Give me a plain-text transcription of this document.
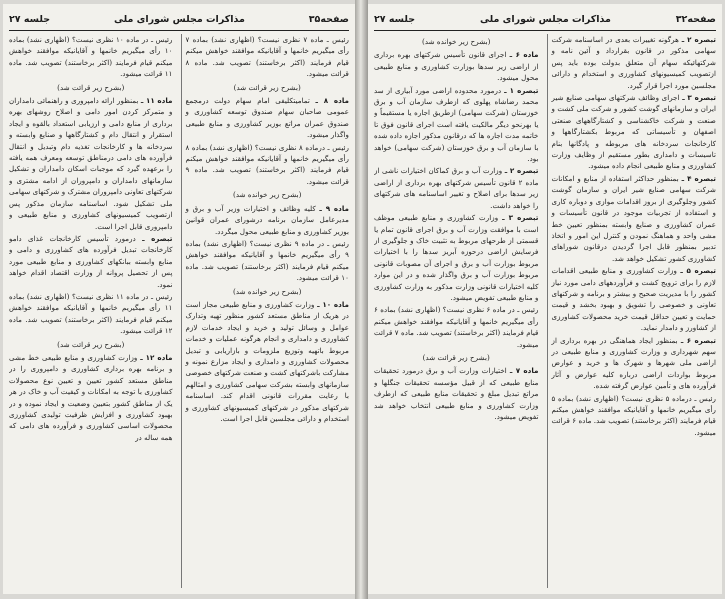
صفحه۳۵
مذاکرات مجلس شورای ملی
جلسه ۲۷

رئیس ـ ماده ۷ نظری نیست؟ (اظهاری نشد) بماده ۷ رأی میگیریم خانمها و آقایانیکه موافقند خواهش میکنم قیام فرمایند (اکثر برخاستند) تصویب شد. ماده ۸ قرائت میشود.

(بشرح زیر قرائت شد)

ماده ۸ ـ تمامیتکلیفی امام سهام دولت درمجمع عمومی صاحبان سهام صندوق توسعه کشاورزی و صندوق عمران مراتع بوزیر کشاورزی و منابع طبیعی واگذار میشود.

رئیس ـ درماده ۸ نظری نیست؟ (اظهاری نشد) بماده ۸ رأی میگیریم خانمها و آقایانیکه موافقند خواهش میکنم قیام فرمایند (اکثر برخاستند) تصویب شد. ماده ۹ قرائت میشود.

(بشرح زیر خوانده شد)

ماده ۹ ـ کلیه وظائف و اختیارات وزیر آب و برق و مدیرعامل سازمان برنامه درشورای عمران قوانین بوزیر کشاورزی و منابع طبیعی محول میگردد.

رئیس ـ در ماده ۹ نظری نیست؟ (اظهاری نشد) بماده ۹ رأی میگیریم خانمها و آقایانیکه موافقند خواهش میکنم قیام فرمایند (اکثر برخاستند) تصویب شد. ماده ۱۰ قرائت میشود.

(بشرح زیر خوانده شد)

ماده ۱۰ ـ وزارت کشاورزی و منابع طبیعی مجاز است در هریک از مناطق مستعد کشور منظور تهیه وتدارک عوامل و وسائل تولید و خرید و ایجاد خدمات لازم کشاورزی و دامداری و انجام هرگونه عملیات و خدمات مربوط باتهیه وتوزیع ملزومات و بازاریابی و تبدیل محصولات کشاورزی و دامداری و ایجاد مزارع نمونه و مشارکت باشرکتهای کشت و صنعت شرکتهای خصوصی سازمانهای وابسته بشرکت سهامی کشاورزی و امثالهم با رعایت مقررات قانونی اقدام کند. اساسنامه شرکتهای مذکور در شرکتهای کمیسیونهای کشاورزی و استخدام و دارائی مجلسین قابل اجرا است.

رئیس ـ در ماده ۱۰ نظری نیست؟ (اظهاری نشد) بماده ۱۰ رأی میگیریم خانمها و آقایانیکه موافقند خواهش میکنم قیام فرمایند (اکثر برخاستند) تصویب شد. ماده ۱۱ قرائت میشود.

(بشرح زیر قرائت شد)

ماده ۱۱ ـ بمنظور ارائه دامپروری و راهنمائی دامداران و متمرکز کردن امور دامی و اصلاح روشهای بهره برداری از منابع دامی و ارزیابی استعداد بالقوه و ایجاد استقرار و انتقال دام و کشتارگاهها و صنایع وابسته و سردخانه ها و کارخانجات تغذیه دام وتبدیل و انتقال فرآورده های دامی درمناطق توسعه ومعرف همه یافته را برعهده گیرد که موجبات اسکان دامداران و تشکیل سازمانهای دامداران و دامپروران از ادامه مشتری و شرکتهای تعاونی دامپروران مشترک و شرکتهای سهامی ملی تشکیل شود. اساسنامه سازمان مذکور پس ازتصویب کمیسیونهای کشاورزی و منابع طبیعی و دامپروری قابل اجرا است.

تبصره ـ درمورد تأسیس کارخانجات غذای دامو کارخانجات تبدیل فرآورده های کشاورزی و دامی و منابع وابسته ببانکهای کشاورزی و منابع طبیعی مورد پس از تحصیل پروانه از وزارت اقتصاد اقدام خواهد نمود.

رئیس ـ در ماده ۱۱ نظری نیست؟ (اظهاری نشد) بماده ۱۱ رأی میگیریم خانمها و آقایانیکه موافقند خواهش میکنم قیام فرمایند (اکثر برخاستند) تصویب شد. ماده ۱۲ قرائت میشود.

(بشرح زیر قرائت شد)

ماده ۱۲ ـ وزارت کشاورزی و منابع طبیعی خط مشی و برنامه بهره برداری کشاورزی و دامپروری را در مناطق مستعد کشور تعیین و تعیین نوع محصولات کشاورزی با توجه به امکانات و کیفیت آب و خاک در هر یک از مناطق کشور بتعیین وضعیت و ایجاد نموده و در بهبود کشاورزی و افزایش ظرفیت تولیدی کشاورزی محصولات اساسی کشاورزی و فرآورده های دامی که همه ساله در

صفحه۳۲
مذاکرات مجلس شورای ملی
جلسه ۲۷

تبصره ۲ ـ هرگونه تغییرات بعدی در اساسنامه شرکت سهامی مذکور در قانون بقرارداد و آئین نامه و شرکتهائیکه سهام آن متعلق بدولت بوده باید پس ازتصویب کمیسیونهای کشاورزی و استخدام و دارائی مجلسین مورد اجرا قرار گیرد.

تبصره ۳ ـ اجرای وظائف شرکتهای سهامی صنایع شیر ایران و سازمانهای گوشت کشور و شرکت ملی کشت و صنعت و شرکت خاکشناسی و کشتارگاههای صنعتی اصفهان و تأسیساتی که مربوط بکشتارگاهها و کارخانجات سردخانه های مربوطه و پادگانها بنام تاسیسات و دامداری بطور مستقیم از وظایف وزارت کشاورزی و منابع طبیعی انجام داده میشود.

تبصره ۴ ـ بمنظور حداکثر استفاده از منابع و امکانات شرکت سهامی صنایع شیر ایران و سازمان گوشت کشور وجلوگیری از بروز اقدامات موازی و دوباره کاری و استفاده از تجربیات موجود در قانون تأسیسات و عمران کشاورزی و صنایع وابسته بمنظور تعیین خط مشی واحد و هماهنگ نمودن و کنترل این امور و اتخاذ تدبیر بمنظور قابل اجرا گردیدن درقانون شوراهای کشاورزی کشور تشکیل خواهد شد.

تبصره ۵ ـ وزارت کشاورزی و منابع طبیعی اقدامات لازم را برای ترویج کشت و فرآوردههای دامی مورد نیاز کشور را با مدیریت صحیح و بیشتر و برنامه و شرکتهای تعاونی و خصوصی را تشویق و بهبود بخشد و قیمت حمایت و تعیین حداقل قیمت خرید محصولات کشاورزی از کشاورز و دامدار نماید.

تبصره ۶ ـ بمنظور ایجاد هماهنگی در بهره برداری از سهم شهرداری و وزارت کشاورزی و منابع طبیعی در اراضی ملی شهرها و شهرک ها و خرید و عوارض مربوط بواردات اراضی درباره کلیه عوارض و آثار فرآورده های و تأمین عوارض گرفته شده.

رئیس ـ درماده ۵ نظری نیست؟ (اظهاری نشد) بماده ۵ رأی میگیریم خانمها و آقایانیکه موافقند خواهش میکنم قیام فرمایند (اکثر برخاستند) تصویب شد. ماده ۶ قرائت میشود.

(بشرح زیر خوانده شد)

ماده ۶ ـ اجرای قانون تأسیس شرکتهای بهره برداری از اراضی زیر سدها بوزارت کشاورزی و منابع طبیعی محول میشود.

تبصره ۱ ـ درمورد محدوده اراضی مورد آبیاری از سد محمد رضاشاه پهلوی که ازطرف سازمان آب و برق خوزستان (شرکت سهامی) ازطریق اجاره یا مستقیماً و یا بهرنحو دیگر مالکیت یافته است اجرای قانون فوق تا خاتمه مدت اجاره ها که درقانون مذکور اجازه داده شده با سازمان آب و برق خوزستان (شرکت سهامی) خواهد بود.

تبصره ۲ ـ وزارت آب و برق کماکان اختیارات ناشی از ماده ۲ قانون تأسیس شرکتهای بهره برداری از اراضی زیر سدها برای اصلاح و تغییر اساسنامه های شرکتهای را خواهد داشت.

تبصره ۳ ـ وزارت کشاورزی و منابع طبیعی موظف است با موافقت وزارت آب و برق اجرای قانون تمام یا قسمتی از طرحهای مربوط به تثبیت خاک و جلوگیری از فرسایش اراضی درحوزه آبریز سدها را با اختیارات مربوط بوزارت آب و برق و اجرای آن مصوبات قانونی مربوط بوزارت آب و برق واگذار شده و در این موارد کلیه اختیارات قانونی وزارت مذکور به وزارت کشاورزی و منابع طبیعی تفویض میشود.

رئیس ـ در ماده ۶ نظری نیست؟ (اظهاری نشد) بماده ۶ رأی میگیریم خانمها و آقایانیکه موافقند خواهش میکنم قیام فرمایند (اکثر برخاستند) تصویب شد. ماده ۷ قرائت میشود.

(بشرح زیر قرائت شد)

ماده ۷ ـ اختیارات وزارت آب و برق درمورد تحقیقات منابع طبیعی که از قبیل مؤسسه تحقیقات جنگلها و مراتع تبدیل مبلغ و تحقیقات منابع طبیعی که ازطرف وزارت کشاورزی و منابع طبیعی انتخاب خواهد شد تفویض میشود.
